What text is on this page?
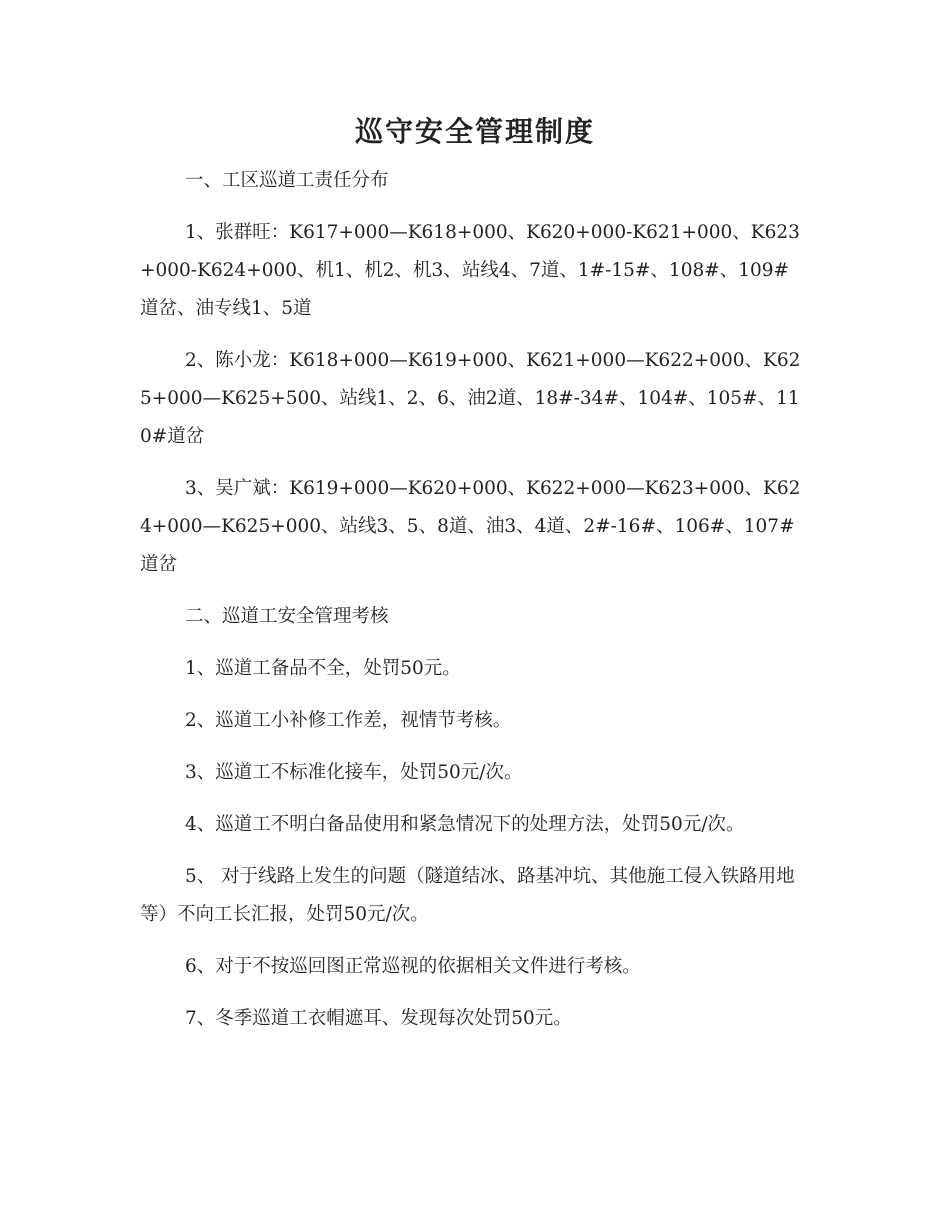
巡守安全管理制度

一、工区巡道工责任分布

1、张群旺：K617+000—K618+000、K620+000-K621+000、K623+000-K624+000、机1、机2、机3、站线4、7道、1#-15#、108#、109#道岔、油专线1、5道

2、陈小龙：K618+000—K619+000、K621+000—K622+000、K625+000—K625+500、站线1、2、6、油2道、18#-34#、104#、105#、110#道岔

3、吴广斌：K619+000—K620+000、K622+000—K623+000、K624+000—K625+000、站线3、5、8道、油3、4道、2#-16#、106#、107#道岔

二、巡道工安全管理考核

1、巡道工备品不全，处罚50元。

2、巡道工小补修工作差，视情节考核。

3、巡道工不标准化接车，处罚50元/次。

4、巡道工不明白备品使用和紧急情况下的处理方法，处罚50元/次。

5、 对于线路上发生的问题（隧道结冰、路基冲坑、其他施工侵入铁路用地等）不向工长汇报，处罚50元/次。

6、对于不按巡回图正常巡视的依据相关文件进行考核。

7、冬季巡道工衣帽遮耳、发现每次处罚50元。
